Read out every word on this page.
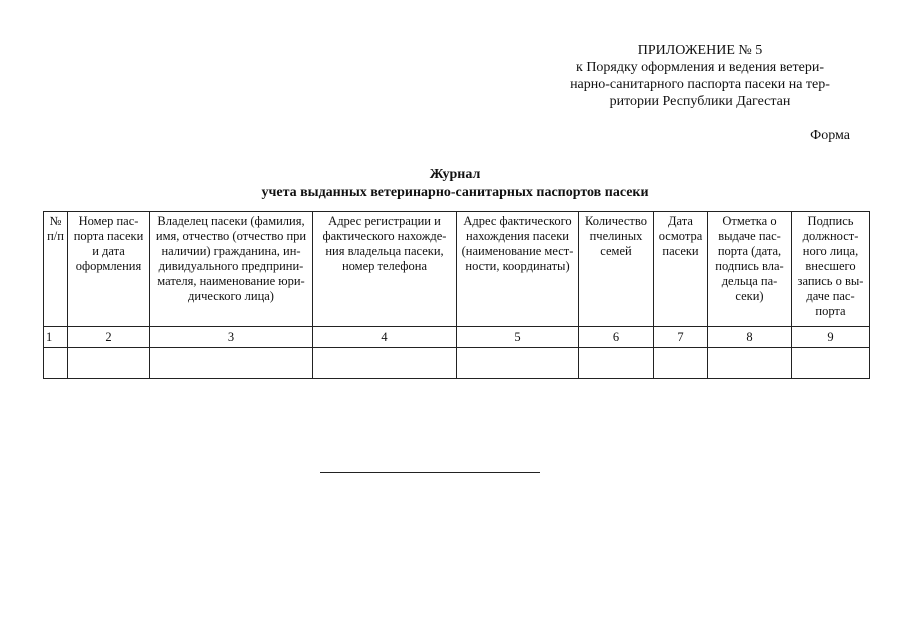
ПРИЛОЖЕНИЕ № 5
к Порядку оформления и ведения ветери-
нарно-санитарного паспорта пасеки на тер-
ритории Республики Дагестан
Форма
Журнал
учета выданных ветеринарно-санитарных паспортов пасеки
№ п/п	Номер пас-порта пасеки и дата оформления	Владелец пасеки (фамилия, имя, отчество (отчество при наличии) гражданина, ин-дивидуального предприни-мателя, наименование юри-дического лица)	Адрес регистрации и фактического нахожде-ния владельца пасеки, номер телефона	Адрес фактического нахождения пасеки (наименование мест-ности, координаты)	Количество пчелиных семей	Дата осмотра пасеки	Отметка о выдаче пас-порта (дата, подпись вла-дельца па-секи)	Подпись должност-ного лица, внесшего запись о вы-даче пас-порта
1	2	3	4	5	6	7	8	9
